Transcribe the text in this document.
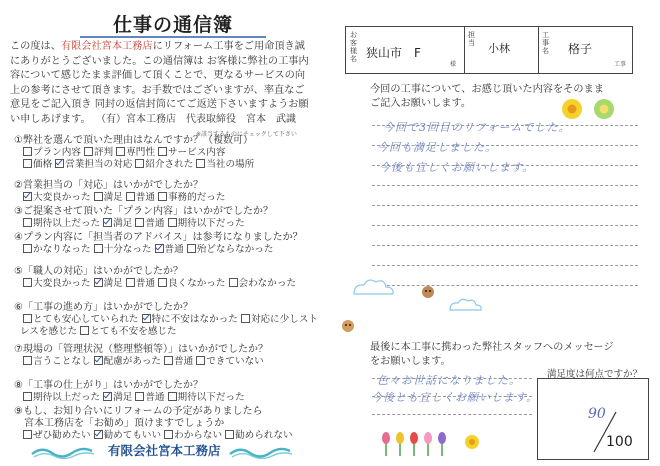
仕事の通信簿
この度は、有限会社宮本工務店にリフォーム工事をご用命頂き誠にありがとうございました。この通信簿は お客様に弊社の工事内容について感じたまま評価して頂くことで、更なるサービスの向上の参考にさせて頂きます。お手数ではございますが、率直なご意見をご記入頂き 同封の返信封筒にてご返送下さいますようお願い申しあげます。 （有）宮本工務店　代表取締役　宮本　武識
※該当するものにチェックして下さい
①弊社を選んで頂いた理由はなんですか？（複数可）
プラン内容 評判 専門性 サービス内容
価格 営業担当の対応 紹介された 当社の場所
②営業担当の「対応」はいかがでしたか？
大変良かった 満足 普通 事務的だった
③ご提案させて頂いた「プラン内容」はいかがでしたか？
期待以上だった 満足 普通 期待以下だった
④プラン内容に「担当者のアドバイス」は参考になりましたか？
かなりなった 十分なった 普通 殆どならなかった
⑤「職人の対応」はいかがでしたか？
大変良かった 満足 普通 良くなかった 会わなかった
⑥「工事の進め方」はいかがでしたか？
とても安心していられた 特に不安はなかった 対応に少しスト
レスを感じた とても不安を感じた
⑦現場の「管理状況（整理整頓等）」はいかがでしたか？
言うことなし 配慮があった 普通 できていない
⑧「工事の仕上がり」はいかがでしたか？
期待以上だった 満足 普通 期待以下だった
⑨もし、お知り合いにリフォームの予定がありましたら
宮本工務店を「お勧め」頂けますでしょうか
ぜひ勧めたい 勧めてもいい わからない 勧められない
有限会社宮本工務店
お客様名 狭山市　F
様
担当 小林
工事名 格子
工事
今回の工事について、お感じ頂いた内容をそのままご記入お願いします。
今回で3回目のリフォームでした。
今回も満足しました。
今後も宜しくお願いします。
最後に本工事に携わった弊社スタッフへのメッセージをお願いします。
色々お世話になりました。
今後とも宜しくお願いします。
満足度は何点ですか？
90
100
